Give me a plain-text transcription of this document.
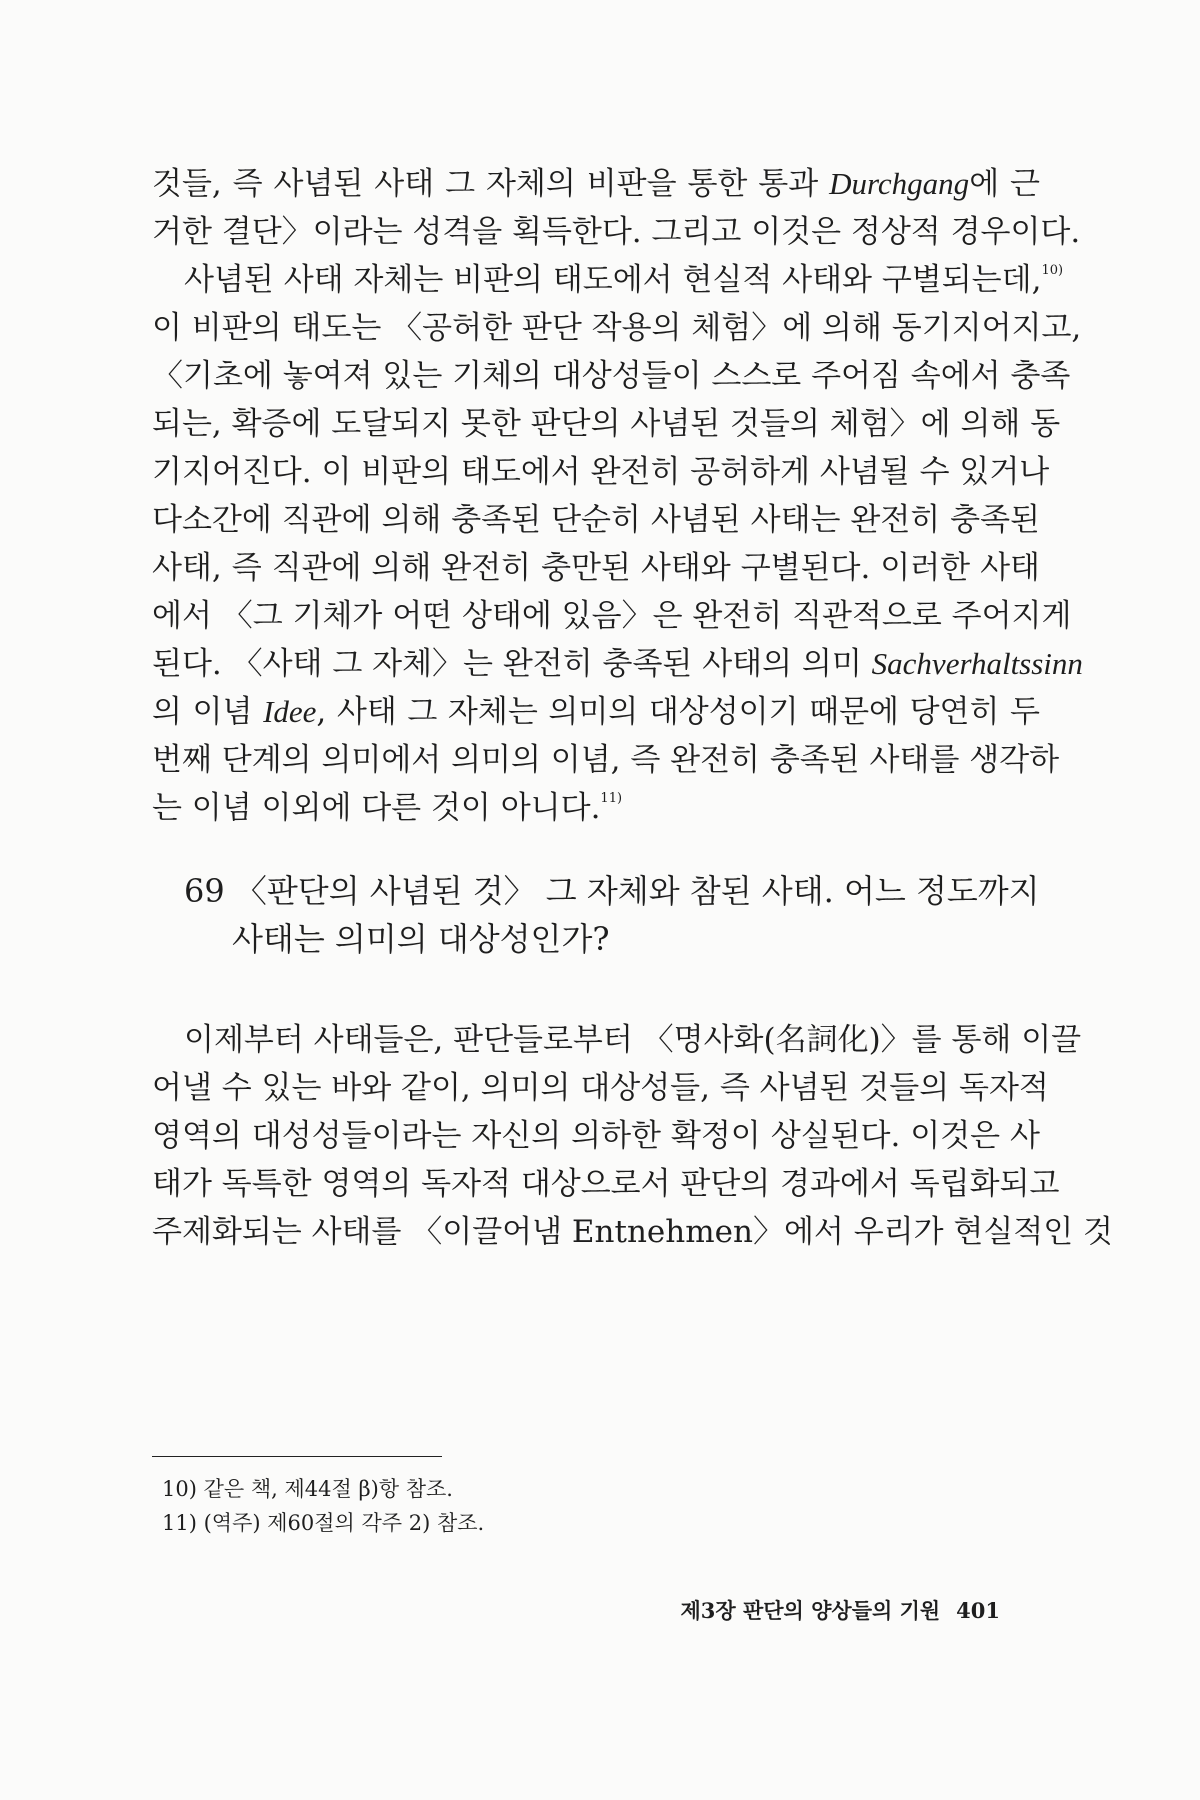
것들, 즉 사념된 사태 그 자체의 비판을 통한 통과 Durchgang에 근
거한 결단〉이라는 성격을 획득한다. 그리고 이것은 정상적 경우이다.
사념된 사태 자체는 비판의 태도에서 현실적 사태와 구별되는데,$^{10)}$
이 비판의 태도는 〈공허한 판단 작용의 체험〉에 의해 동기지어지고,
〈기초에 놓여져 있는 기체의 대상성들이 스스로 주어짐 속에서 충족
되는, 확증에 도달되지 못한 판단의 사념된 것들의 체험〉에 의해 동
기지어진다. 이 비판의 태도에서 완전히 공허하게 사념될 수 있거나
다소간에 직관에 의해 충족된 단순히 사념된 사태는 완전히 충족된
사태, 즉 직관에 의해 완전히 충만된 사태와 구별된다. 이러한 사태
에서 〈그 기체가 어떤 상태에 있음〉은 완전히 직관적으로 주어지게
된다. 〈사태 그 자체〉는 완전히 충족된 사태의 의미 Sachverhaltssinn
의 이념 Idee, 사태 그 자체는 의미의 대상성이기 때문에 당연히 두
번째 단계의 의미에서 의미의 이념, 즉 완전히 충족된 사태를 생각하
는 이념 이외에 다른 것이 아니다.$^{11)}$
69 〈판단의 사념된 것〉 그 자체와 참된 사태. 어느 정도까지
사태는 의미의 대상성인가?
이제부터 사태들은, 판단들로부터 〈명사화(名詞化)〉를 통해 이끌
어낼 수 있는 바와 같이, 의미의 대상성들, 즉 사념된 것들의 독자적
영역의 대성성들이라는 자신의 의하한 확정이 상실된다. 이것은 사
태가 독특한 영역의 독자적 대상으로서 판단의 경과에서 독립화되고
주제화되는 사태를 〈이끌어냄 Entnehmen〉에서 우리가 현실적인 것
10) 같은 책, 제44절 β)항 참조.
11) (역주) 제60절의 각주 2) 참조.
제3장 판단의 양상들의 기원 401
